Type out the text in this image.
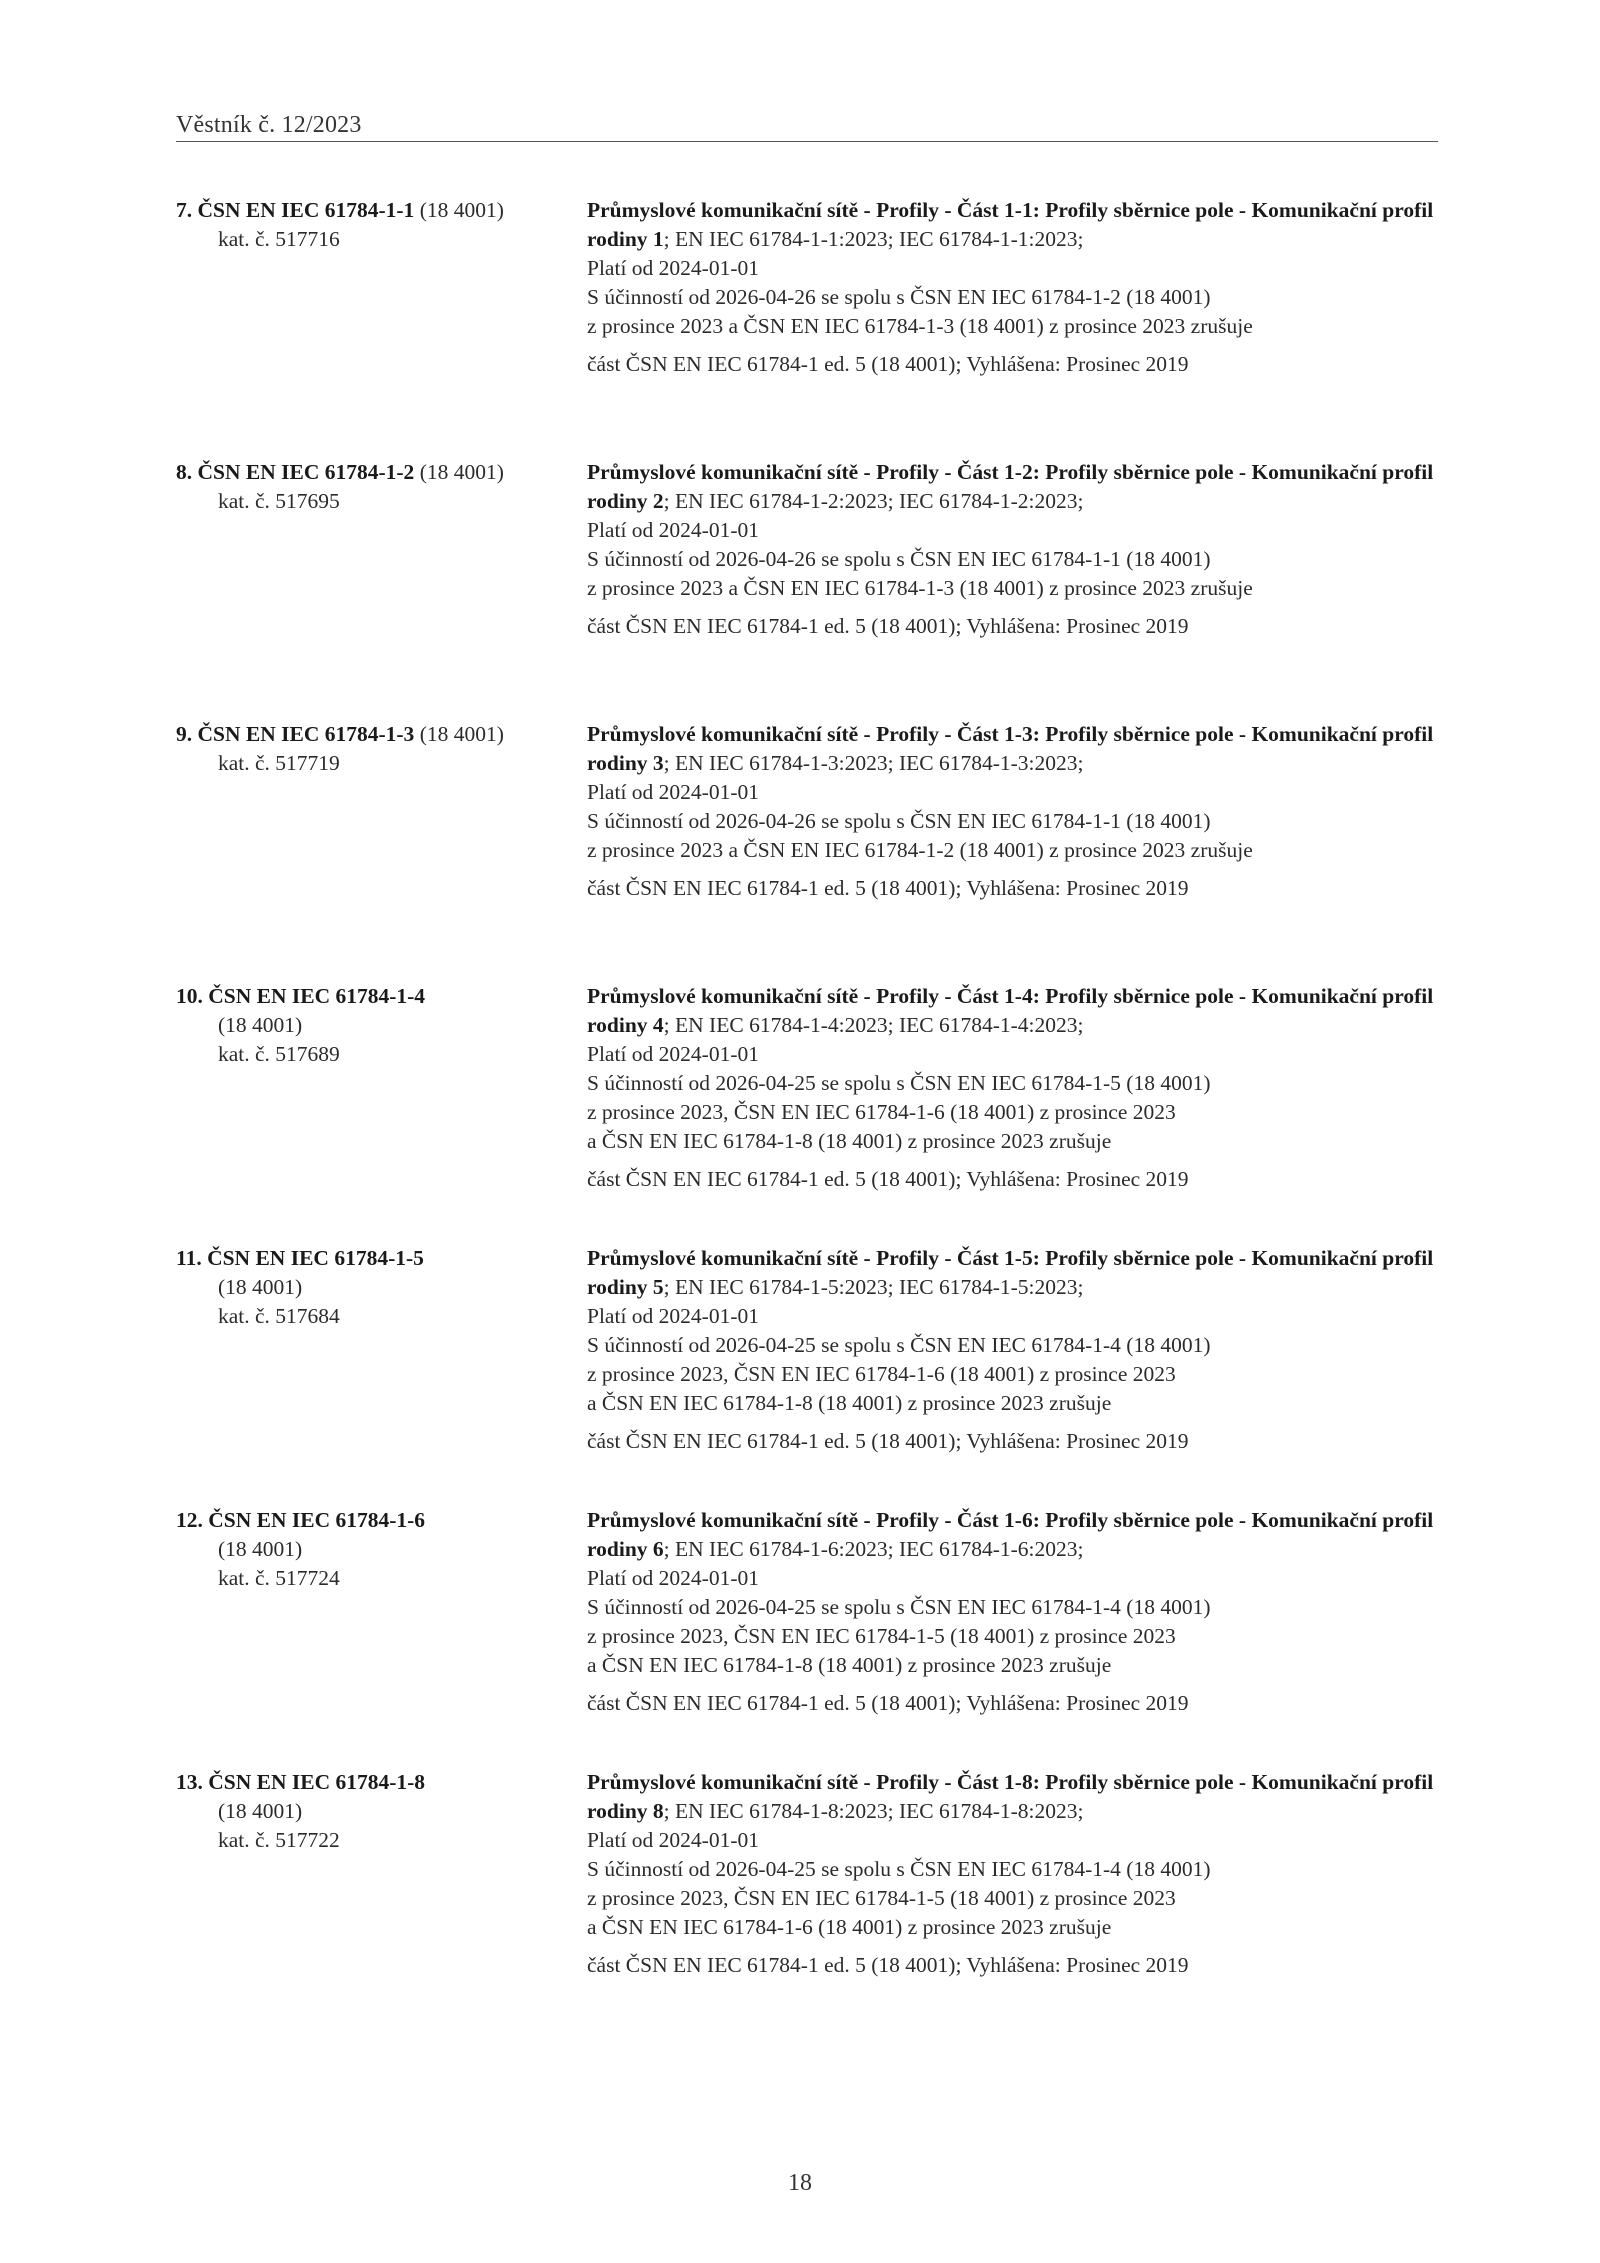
Věstník č. 12/2023
7. ČSN EN IEC 61784-1-1 (18 4001)
kat. č. 517716
Průmyslové komunikační sítě - Profily - Část 1-1: Profily sběrnice pole - Komunikační profil rodiny 1; EN IEC 61784-1-1:2023; IEC 61784-1-1:2023;
Platí od 2024-01-01
S účinností od 2026-04-26 se spolu s ČSN EN IEC 61784-1-2 (18 4001)
z prosince 2023 a ČSN EN IEC 61784-1-3 (18 4001) z prosince 2023 zrušuje
část ČSN EN IEC 61784-1 ed. 5 (18 4001); Vyhlášena: Prosinec 2019
8. ČSN EN IEC 61784-1-2 (18 4001)
kat. č. 517695
Průmyslové komunikační sítě - Profily - Část 1-2: Profily sběrnice pole - Komunikační profil rodiny 2; EN IEC 61784-1-2:2023; IEC 61784-1-2:2023;
Platí od 2024-01-01
S účinností od 2026-04-26 se spolu s ČSN EN IEC 61784-1-1 (18 4001)
z prosince 2023 a ČSN EN IEC 61784-1-3 (18 4001) z prosince 2023 zrušuje
část ČSN EN IEC 61784-1 ed. 5 (18 4001); Vyhlášena: Prosinec 2019
9. ČSN EN IEC 61784-1-3 (18 4001)
kat. č. 517719
Průmyslové komunikační sítě - Profily - Část 1-3: Profily sběrnice pole - Komunikační profil rodiny 3; EN IEC 61784-1-3:2023; IEC 61784-1-3:2023;
Platí od 2024-01-01
S účinností od 2026-04-26 se spolu s ČSN EN IEC 61784-1-1 (18 4001)
z prosince 2023 a ČSN EN IEC 61784-1-2 (18 4001) z prosince 2023 zrušuje
část ČSN EN IEC 61784-1 ed. 5 (18 4001); Vyhlášena: Prosinec 2019
10. ČSN EN IEC 61784-1-4
(18 4001)
kat. č. 517689
Průmyslové komunikační sítě - Profily - Část 1-4: Profily sběrnice pole - Komunikační profil rodiny 4; EN IEC 61784-1-4:2023; IEC 61784-1-4:2023;
Platí od 2024-01-01
S účinností od 2026-04-25 se spolu s ČSN EN IEC 61784-1-5 (18 4001)
z prosince 2023, ČSN EN IEC 61784-1-6 (18 4001) z prosince 2023
a ČSN EN IEC 61784-1-8 (18 4001) z prosince 2023 zrušuje
část ČSN EN IEC 61784-1 ed. 5 (18 4001); Vyhlášena: Prosinec 2019
11. ČSN EN IEC 61784-1-5
(18 4001)
kat. č. 517684
Průmyslové komunikační sítě - Profily - Část 1-5: Profily sběrnice pole - Komunikační profil rodiny 5; EN IEC 61784-1-5:2023; IEC 61784-1-5:2023;
Platí od 2024-01-01
S účinností od 2026-04-25 se spolu s ČSN EN IEC 61784-1-4 (18 4001)
z prosince 2023, ČSN EN IEC 61784-1-6 (18 4001) z prosince 2023
a ČSN EN IEC 61784-1-8 (18 4001) z prosince 2023 zrušuje
část ČSN EN IEC 61784-1 ed. 5 (18 4001); Vyhlášena: Prosinec 2019
12. ČSN EN IEC 61784-1-6
(18 4001)
kat. č. 517724
Průmyslové komunikační sítě - Profily - Část 1-6: Profily sběrnice pole - Komunikační profil rodiny 6; EN IEC 61784-1-6:2023; IEC 61784-1-6:2023;
Platí od 2024-01-01
S účinností od 2026-04-25 se spolu s ČSN EN IEC 61784-1-4 (18 4001)
z prosince 2023, ČSN EN IEC 61784-1-5 (18 4001) z prosince 2023
a ČSN EN IEC 61784-1-8 (18 4001) z prosince 2023 zrušuje
část ČSN EN IEC 61784-1 ed. 5 (18 4001); Vyhlášena: Prosinec 2019
13. ČSN EN IEC 61784-1-8
(18 4001)
kat. č. 517722
Průmyslové komunikační sítě - Profily - Část 1-8: Profily sběrnice pole - Komunikační profil rodiny 8; EN IEC 61784-1-8:2023; IEC 61784-1-8:2023;
Platí od 2024-01-01
S účinností od 2026-04-25 se spolu s ČSN EN IEC 61784-1-4 (18 4001)
z prosince 2023, ČSN EN IEC 61784-1-5 (18 4001) z prosince 2023
a ČSN EN IEC 61784-1-6 (18 4001) z prosince 2023 zrušuje
část ČSN EN IEC 61784-1 ed. 5 (18 4001); Vyhlášena: Prosinec 2019
18
